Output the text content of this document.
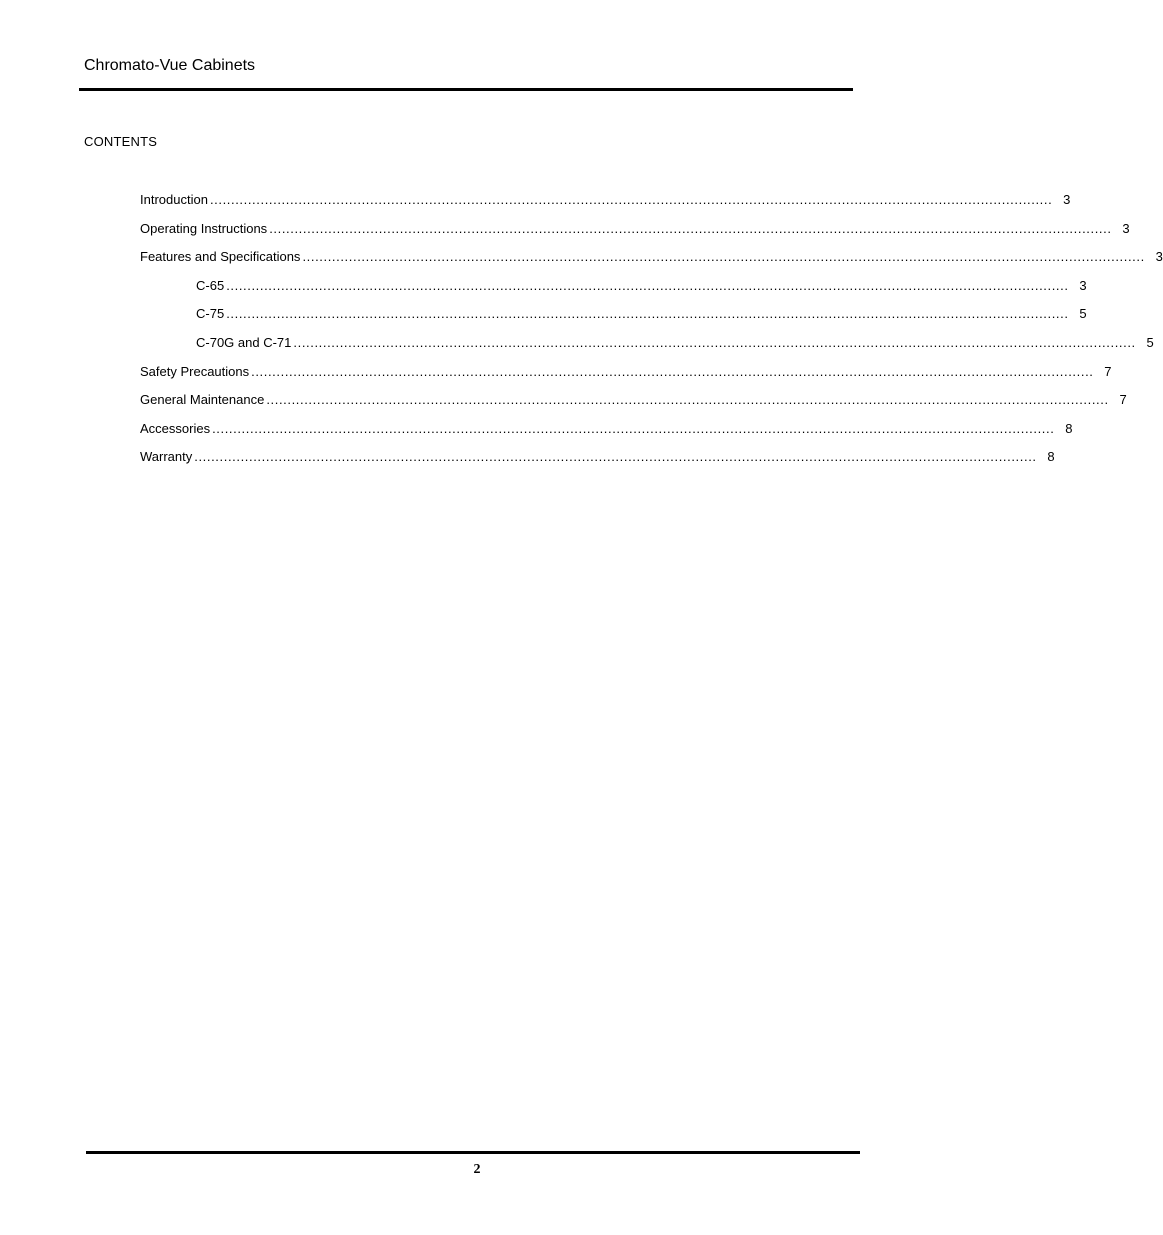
Chromato-Vue Cabinets
CONTENTS
Introduction ........................................................................................................................................................................................................ 3
Operating Instructions ........................................................................................................................................................................................................ 3
Features and Specifications ........................................................................................................................................................................................................ 3
C-65 ........................................................................................................................................................................................................ 3
C-75 ........................................................................................................................................................................................................ 5
C-70G and C-71 ........................................................................................................................................................................................................ 5
Safety Precautions ........................................................................................................................................................................................................ 7
General Maintenance ........................................................................................................................................................................................................ 7
Accessories ........................................................................................................................................................................................................ 8
Warranty ........................................................................................................................................................................................................ 8
2
